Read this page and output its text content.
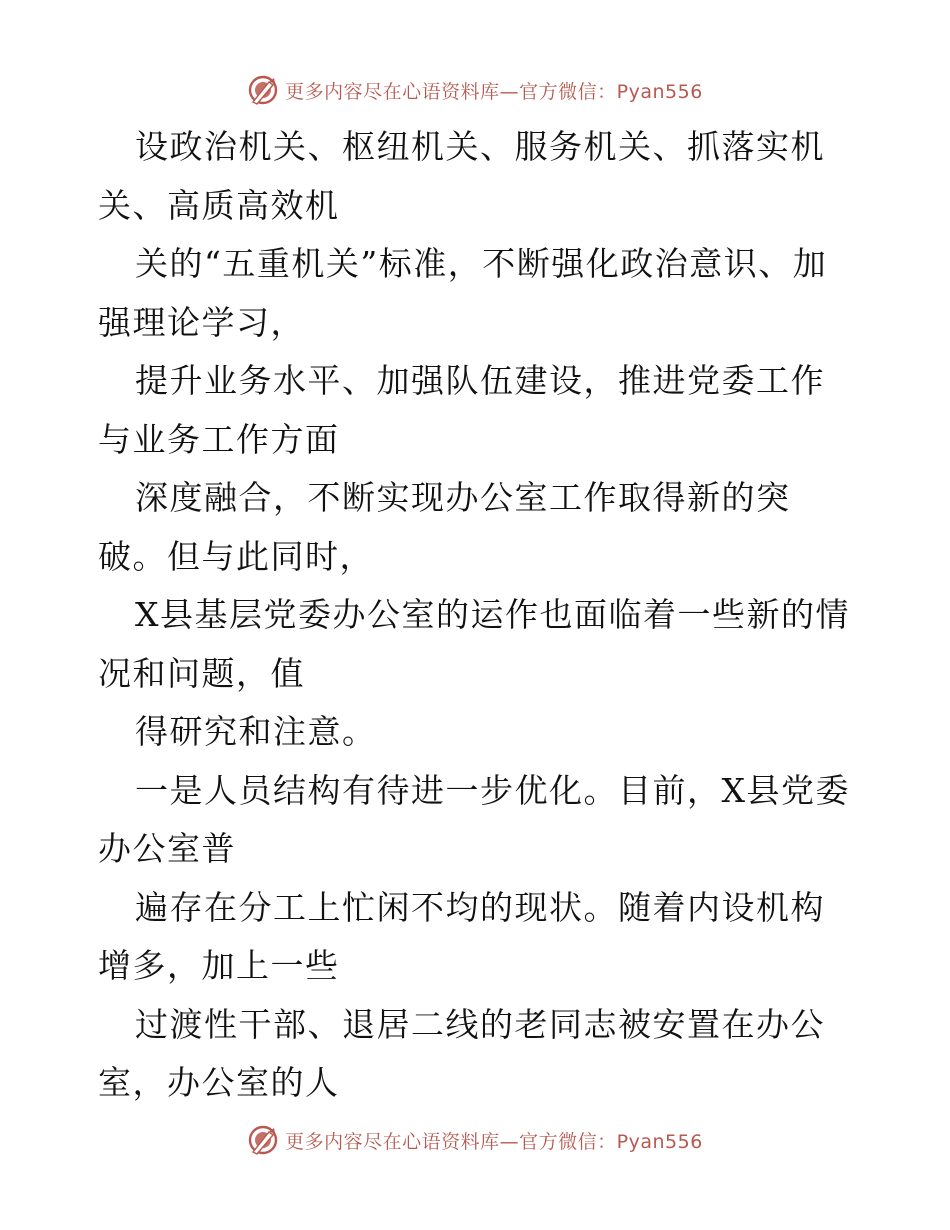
更多内容尽在心语资料库—官方微信：Pyan556

设政治机关、枢纽机关、服务机关、抓落实机关、高质高效机

关的“五重机关”标准，不断强化政治意识、加强理论学习，

提升业务水平、加强队伍建设，推进党委工作与业务工作方面

深度融合，不断实现办公室工作取得新的突破。但与此同时，

X县基层党委办公室的运作也面临着一些新的情况和问题，值

得研究和注意。

一是人员结构有待进一步优化。目前，X县党委办公室普

遍存在分工上忙闲不均的现状。随着内设机构增多，加上一些

过渡性干部、退居二线的老同志被安置在办公室，办公室的人

更多内容尽在心语资料库—官方微信：Pyan556
